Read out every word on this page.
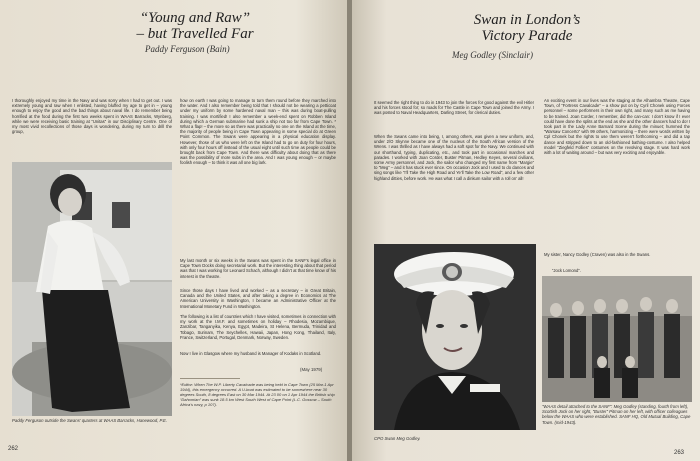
“Young and Raw”
– but Travelled Far
Paddy Ferguson (Bain)
I thoroughly enjoyed my time in the Navy and was sorry when I had to get out. I was extremely young and raw when I enlisted, having bluffed my age to get in – young enough to enjoy the good and the bad things about naval life. I do remember being horrified at the food during the first two weeks spent in WAAS Barracks, Wynberg, while we were receiving basic training at “Unitas” in our Disciplinary Centre. One of my most vivid recollections of those days is wondering, during my turn to drill the group,
Paddy Ferguson outside the Swans’ quarters at WAAS Barracks, Hanewood, P.E.
how on earth I was going to manage to turn them round before they marched into the water. And I also remember being told that I should not be wearing a petticoat under my uniform by some hardened naval man – this was during boat-pulling training. I was mortified! I also remember a week-end spent on Robben Island during which a German submarine had sunk a ship not too far from Cape Town. * What a flap! – the more so as there was practically no one on the Island at the time, the majority of people being in Cape Town appearing in some special do at Green Point Common. The Swans were appearing in a physical education display. However, those of us who were left on the Island had to go on duty for four hours, with only four hours off instead of the usual eight until such time as people could be brought back from Cape Town. And there was difficulty about doing that as there was the possibility of more subs in the area. And I was young enough – or maybe foolish enough – to think it was all one big lark.
My last month or six weeks in the Swans was spent in the SANF’s legal office in Cape Town Docks doing secretarial work. But the interesting thing about that period was that I was working for Leonard Schach, although I didn’t at that time know of his interest in the theatre.
Since those days I have lived and worked – as a secretary – in Great Britain, Canada and the United States, and after taking a degree in Economics at The American University in Washington, I became an Administrative Officer at the International Monetary Fund in Washington.
The following is a list of countries which I have visited, sometimes in connection with my work at the I.M.F. and sometimes on holiday – Rhodesia, Mozambique, Zanzibar, Tanganyika, Kenya, Egypt, Madeira, St Helena, Bermuda, Trinidad and Tobago, Surinam, The Seychelles, Hawaii, Japan, Hong Kong, Thailand, Italy, France, Switzerland, Portugal, Denmark, Norway, Sweden.
Now I live in Glasgow where my husband is Manager of Kodaks in Scotland.
(May 1979)
*Editor: When The W.P. Liberty Cavalcade was being held in Cape Town (25 Mar-1 Apr 1944), this emergency occurred. A U-boat was estimated to be somewhere near 30 degrees South, 8 degrees East on 30 Mar 1944. At 23 00 on 1 Apr 1944 the British ship “Dahomian” was sunk 18.5 km West South West of Cape Point (L.C. Gossow – South Africa’s navy, p 107).
262
Swan in London’s
Victory Parade
Meg Godley (Sinclair)
It seemed the right thing to do in 1943 to join the forces for good against the evil Hitler and his forces stood for; so roads for The Castle in Cape Town and joined the Army. I was posted to Naval Headquarters, Darling Street, for clerical duties.
When the Swans came into being, I, among others, was given a new uniform, and, under 2/O Skynne became one of the nucleus of the South African version of the Wrens. I was thrilled as I have always had a soft spot for the Navy. We continued with our shorthand, typing, duplicating, etc., and took part in occasional marches and parades. I worked with Joan Corder, Buster Pitman, Hedley Keyes, several civilians, some Army personnel, and Jock, the sailor who changed my first name from “Margie” to “Meg” – and it has stuck ever since. On occasion Jock and I used to do dances and sing songs like “I’ll Take the High Road and Ye’ll Take the Low Road”, and a few other highland ditties, before work. He was what I call a dinkum sailor with a roll on’ all!
CPO Swan Meg Godley.
An exciting event in our lives was the staging at the Alhambra Theatre, Cape Town, of “Fortress Cavalcade” – a show put on by Cyril Chonek using Forces personnel – some performers in their own right, and many such as me having to be trained. Joan Corder, I remember, did the can-can: I don’t know if I ever could have done the splits at the end as she and the other dancers had to do! I took part in the Lady Anne Barnard Scene during the minuet; hummed the “Warsaw Concerto” with 99 others, harmonizing – there were words written by Cpl Chonek but the rights to use them weren’t forthcoming – and did a tap dance and stripped down to an old-fashioned bathing-costume. I also helped model “Ziegfeld Follies” costumes on the revolving stage. It was hard work with a lot of waiting around – but was very exciting and enjoyable.
My sister, Nancy Godley (Craven) was also in the Swans.
“Jock Lomond”.
“WAAS detail attached to the SANF”: Meg Godley (standing, fourth from left), Scottish Jock on her right, “Buster” Pitman on her left, with officer colleagues below the WAAS who were established. SANF HQ, Old Mutual Building, Cape Town. (mid-1943).
263
